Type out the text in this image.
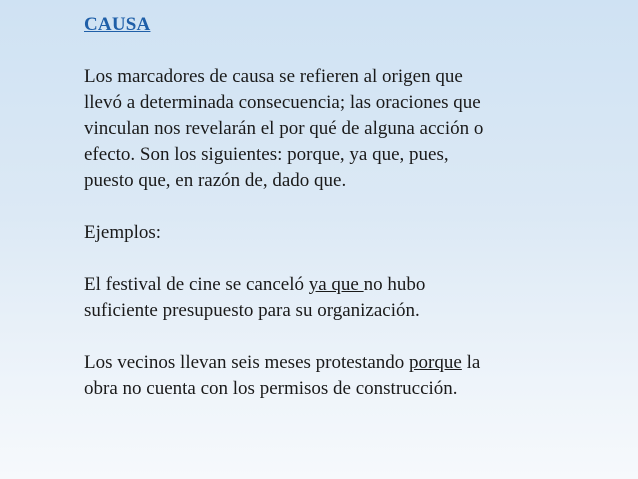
CAUSA

Los marcadores de causa se refieren al origen que

llevó a determinada consecuencia; las oraciones que

vinculan nos revelarán el por qué de alguna acción o

efecto. Son los siguientes: porque, ya que, pues,

puesto que, en razón de, dado que.

Ejemplos:

El festival de cine se canceló ya que no hubo

suficiente presupuesto para su organización.

Los vecinos llevan seis meses protestando porque la

obra no cuenta con los permisos de construcción.
